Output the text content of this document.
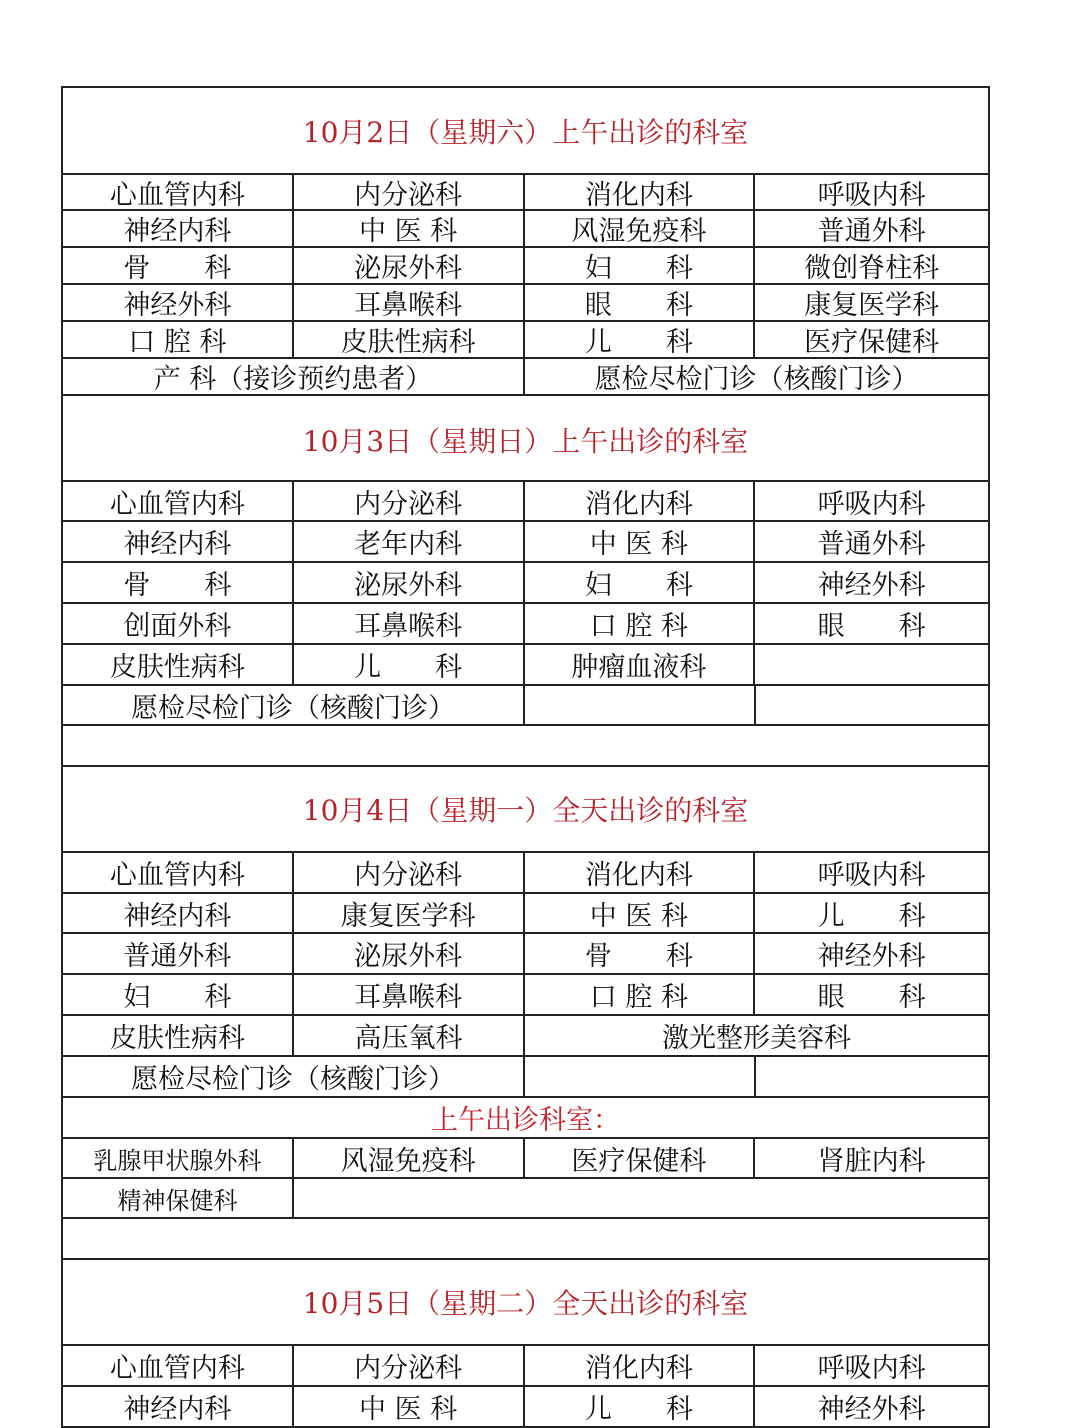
10月2日（星期六）上午出诊的科室
心血管内科	内分泌科	消化内科	呼吸内科
神经内科	中 医 科	风湿免疫科	普通外科
骨　　科	泌尿外科	妇　　科	微创脊柱科
神经外科	耳鼻喉科	眼　　科	康复医学科
口 腔 科	皮肤性病科	儿　　科	医疗保健科
产 科（接诊预约患者）	愿检尽检门诊（核酸门诊）
10月3日（星期日）上午出诊的科室
心血管内科	内分泌科	消化内科	呼吸内科
神经内科	老年内科	中 医 科	普通外科
骨　　科	泌尿外科	妇　　科	神经外科
创面外科	耳鼻喉科	口 腔 科	眼　　科
皮肤性病科	儿　　科	肿瘤血液科
愿检尽检门诊（核酸门诊）
10月4日（星期一）全天出诊的科室
心血管内科	内分泌科	消化内科	呼吸内科
神经内科	康复医学科	中 医 科	儿　　科
普通外科	泌尿外科	骨　　科	神经外科
妇　　科	耳鼻喉科	口 腔 科	眼　　科
皮肤性病科	高压氧科	激光整形美容科
愿检尽检门诊（核酸门诊）
上午出诊科室：
乳腺甲状腺外科	风湿免疫科	医疗保健科	肾脏内科
精神保健科
10月5日（星期二）全天出诊的科室
心血管内科	内分泌科	消化内科	呼吸内科
神经内科	中 医 科	儿　　科	神经外科
